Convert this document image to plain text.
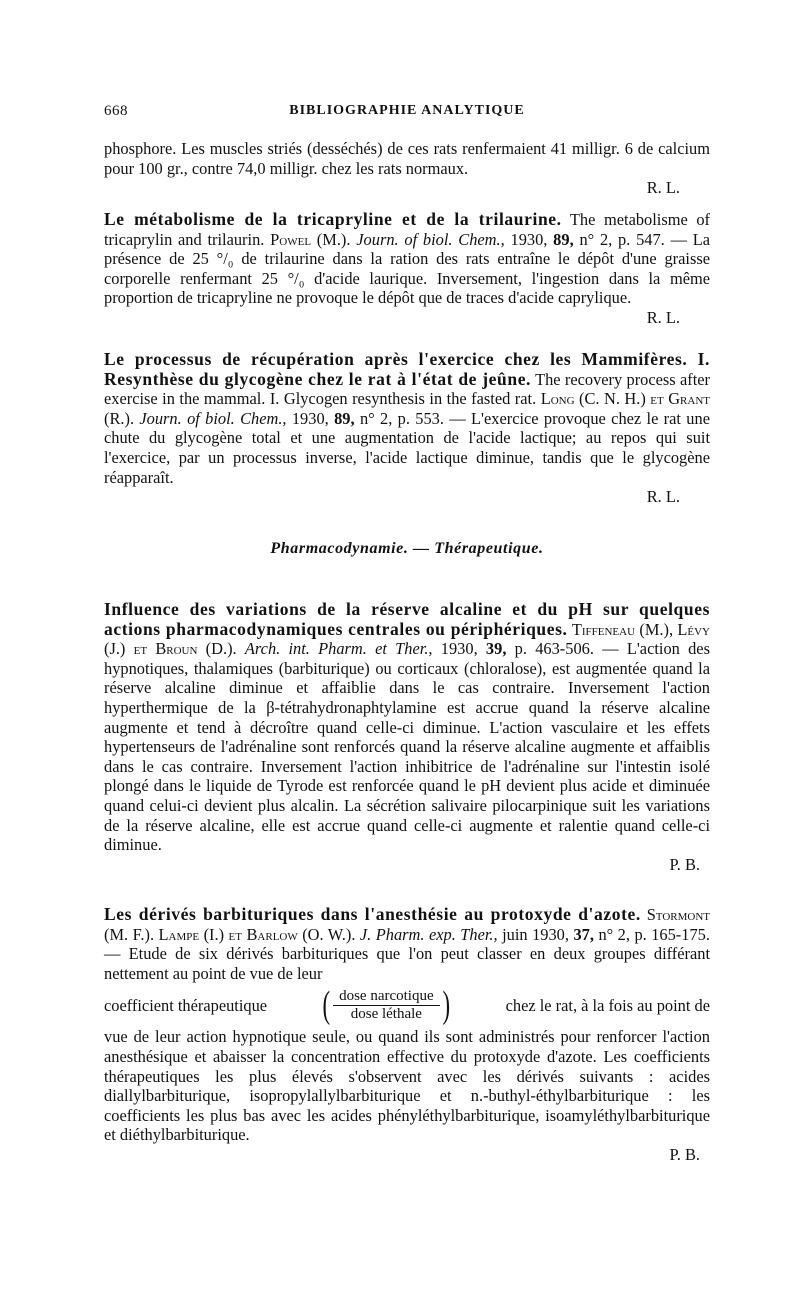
668	BIBLIOGRAPHIE ANALYTIQUE

phosphore. Les muscles striés (desséchés) de ces rats renfermaient 41 milligr. 6 de calcium pour 100 gr., contre 74,0 milligr. chez les rats normaux.

R. L.

Le métabolisme de la tricapryline et de la trilaurine. The metabolisme of tricaprylin and trilaurin. Powel (M.). Journ. of biol. Chem., 1930, 89, n° 2, p. 547. — La présence de 25 °/₀ de trilaurine dans la ration des rats entraîne le dépôt d'une graisse corporelle renfermant 25 °/₀ d'acide laurique. Inversement, l'ingestion dans la même proportion de tricapryline ne provoque le dépôt que de traces d'acide caprylique.

R. L.

Le processus de récupération après l'exercice chez les Mammifères. I. Resynthèse du glycogène chez le rat à l'état de jeûne. The recovery process after exercise in the mammal. I. Glycogen resynthesis in the fasted rat. Long (C. N. H.) et Grant (R.). Journ. of biol. Chem., 1930, 89, n° 2, p. 553. — L'exercice provoque chez le rat une chute du glycogène total et une augmentation de l'acide lactique; au repos qui suit l'exercice, par un processus inverse, l'acide lactique diminue, tandis que le glycogène réapparaît.

R. L.
Pharmacodynamie. — Thérapeutique.

Influence des variations de la réserve alcaline et du pH sur quelques actions pharmacodynamiques centrales ou périphériques. Tiffeneau (M.), Lévy (J.) et Broun (D.). Arch. int. Pharm. et Ther., 1930, 39, p. 463-506. — L'action des hypnotiques, thalamiques (barbiturique) ou corticaux (chloralose), est augmentée quand la réserve alcaline diminue et affaiblie dans le cas contraire. Inversement l'action hyperthermique de la β-tétrahydronaphtylamine est accrue quand la réserve alcaline augmente et tend à décroître quand celle-ci diminue. L'action vasculaire et les effets hypertenseurs de l'adrénaline sont renforcés quand la réserve alcaline augmente et affaiblis dans le cas contraire. Inversement l'action inhibitrice de l'adrénaline sur l'intestin isolé plongé dans le liquide de Tyrode est renforcée quand le pH devient plus acide et diminuée quand celui-ci devient plus alcalin. La sécrétion salivaire pilocarpinique suit les variations de la réserve alcaline, elle est accrue quand celle-ci augmente et ralentie quand celle-ci diminue.

P. B.

Les dérivés barbituriques dans l'anesthésie au protoxyde d'azote. Stormont (M. F.). Lampe (I.) et Barlow (O. W.). J. Pharm. exp. Ther., juin 1930, 37, n° 2, p. 165-175. — Etude de six dérivés barbituriques que l'on peut classer en deux groupes différant nettement au point de vue de leur

coefficient thérapeutique ( $\frac{\text{dose narcotique}}{\text{dose léthale}}$ )	chez le rat, à la fois au point de

vue de leur action hypnotique seule, ou quand ils sont administrés pour renforcer l'action anesthésique et abaisser la concentration effective du protoxyde d'azote. Les coefficients thérapeutiques les plus élevés s'observent avec les dérivés suivants : acides diallylbarbiturique, isopropylallylbarbiturique et n.-buthyl-éthylbarbiturique : les coefficients les plus bas avec les acides phényléthylbarbiturique, isoamyléthylbarbiturique et diéthylbarbiturique.

P. B.
